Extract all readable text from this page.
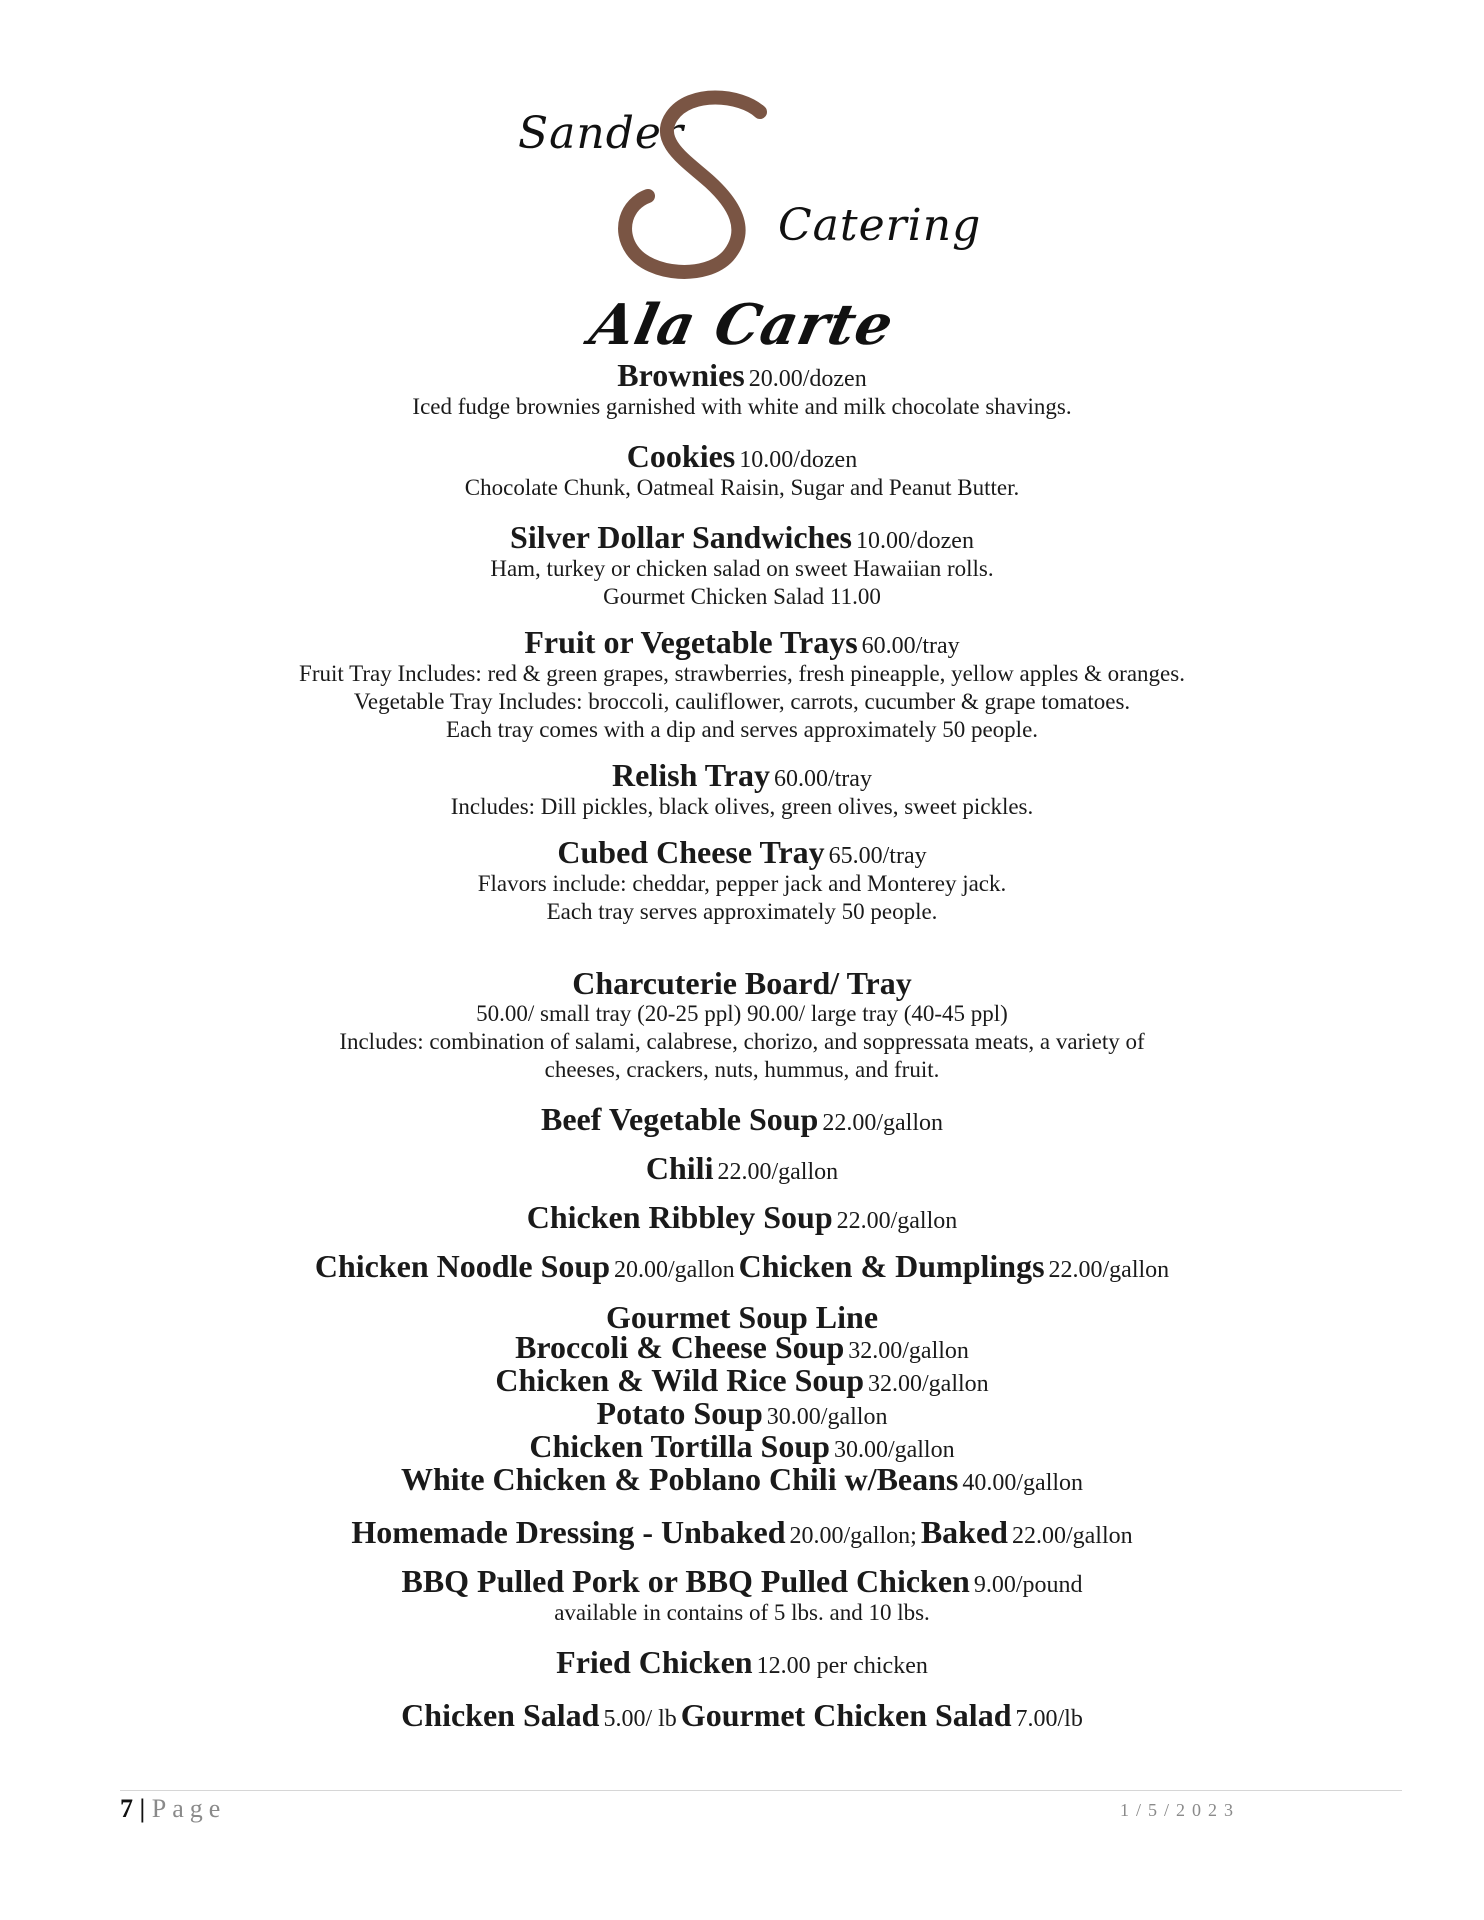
Sander
Catering
Ala Carte
Brownies 20.00/dozen
Iced fudge brownies garnished with white and milk chocolate shavings.
Cookies 10.00/dozen
Chocolate Chunk, Oatmeal Raisin, Sugar and Peanut Butter.
Silver Dollar Sandwiches 10.00/dozen
Ham, turkey or chicken salad on sweet Hawaiian rolls.
Gourmet Chicken Salad 11.00
Fruit or Vegetable Trays 60.00/tray
Fruit Tray Includes: red & green grapes, strawberries, fresh pineapple, yellow apples & oranges.
Vegetable Tray Includes: broccoli, cauliflower, carrots, cucumber & grape tomatoes.
Each tray comes with a dip and serves approximately 50 people.
Relish Tray 60.00/tray
Includes: Dill pickles, black olives, green olives, sweet pickles.
Cubed Cheese Tray 65.00/tray
Flavors include: cheddar, pepper jack and Monterey jack.
Each tray serves approximately 50 people.
Charcuterie Board/ Tray
50.00/ small tray (20-25 ppl) 90.00/ large tray (40-45 ppl)
Includes: combination of salami, calabrese, chorizo, and soppressata meats, a variety of
cheeses, crackers, nuts, hummus, and fruit.
Beef Vegetable Soup 22.00/gallon
Chili 22.00/gallon
Chicken Ribbley Soup 22.00/gallon
Chicken Noodle Soup 20.00/gallon Chicken & Dumplings 22.00/gallon
Gourmet Soup Line
Broccoli & Cheese Soup 32.00/gallon
Chicken & Wild Rice Soup 32.00/gallon
Potato Soup 30.00/gallon
Chicken Tortilla Soup 30.00/gallon
White Chicken & Poblano Chili w/Beans 40.00/gallon
Homemade Dressing - Unbaked 20.00/gallon; Baked 22.00/gallon
BBQ Pulled Pork or BBQ Pulled Chicken 9.00/pound
available in contains of 5 lbs. and 10 lbs.
Fried Chicken 12.00 per chicken
Chicken Salad 5.00/ lb Gourmet Chicken Salad 7.00/lb
7 | Page	1/5/2023
